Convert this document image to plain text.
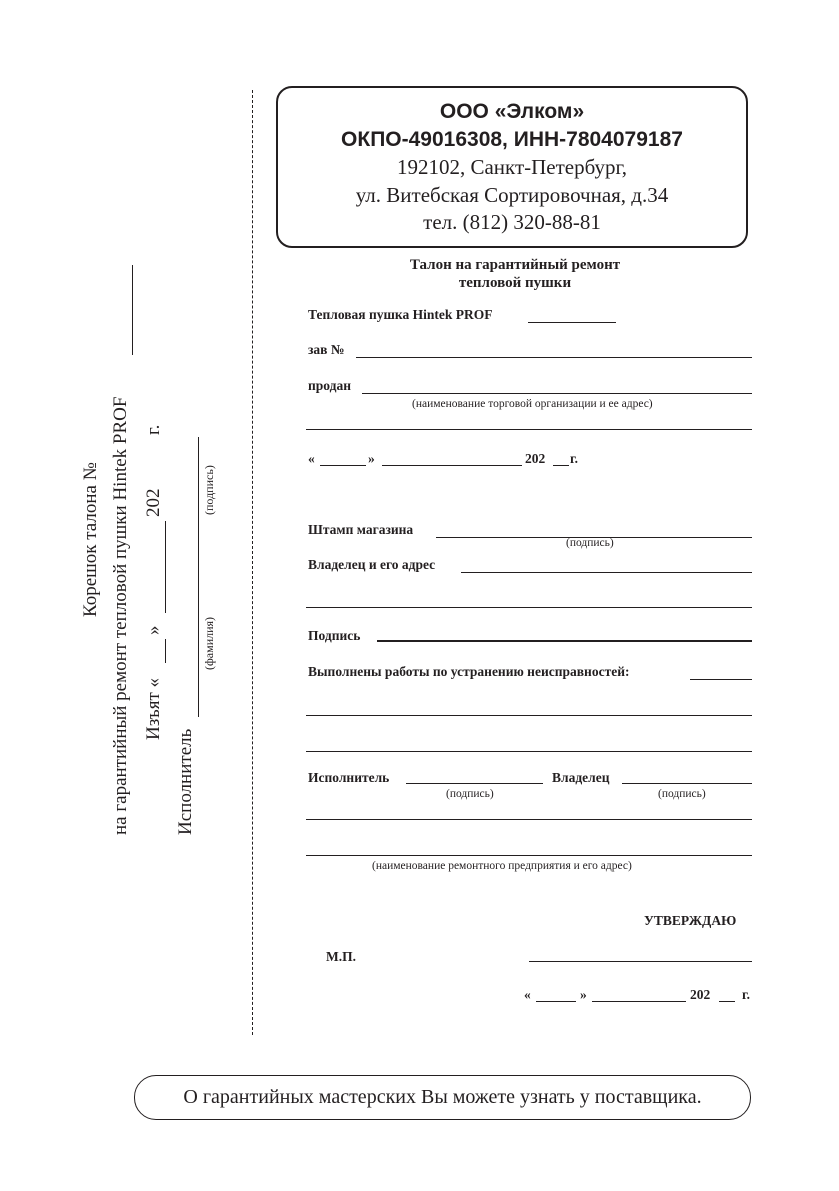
ООО «Элком»
ОКПО-49016308, ИНН-7804079187
192102, Санкт-Петербург,
ул. Витебская Сортировочная, д.34
тел. (812) 320-88-81
Корешок талона № на гарантийный ремонт тепловой пушки Hintek PROF Изъят «
»
202
г.
Исполнитель
(фамилия)
(подпись)
Талон на гарантийный ремонт
тепловой пушки
Тепловая пушка Hintek PROF
зав №
продан
(наименование торговой организации и ее адрес)
«	»	202 г.
Штамп магазина
(подпись)
Владелец и его адрес
Подпись
Выполнены работы по устранению неисправностей:
Исполнитель
(подпись)
Владелец
(подпись)
(наименование ремонтного предприятия и его адрес)
УТВЕРЖДАЮ
М.П.
«	»	202 г.
О гарантийных мастерских Вы можете узнать у поставщика.
